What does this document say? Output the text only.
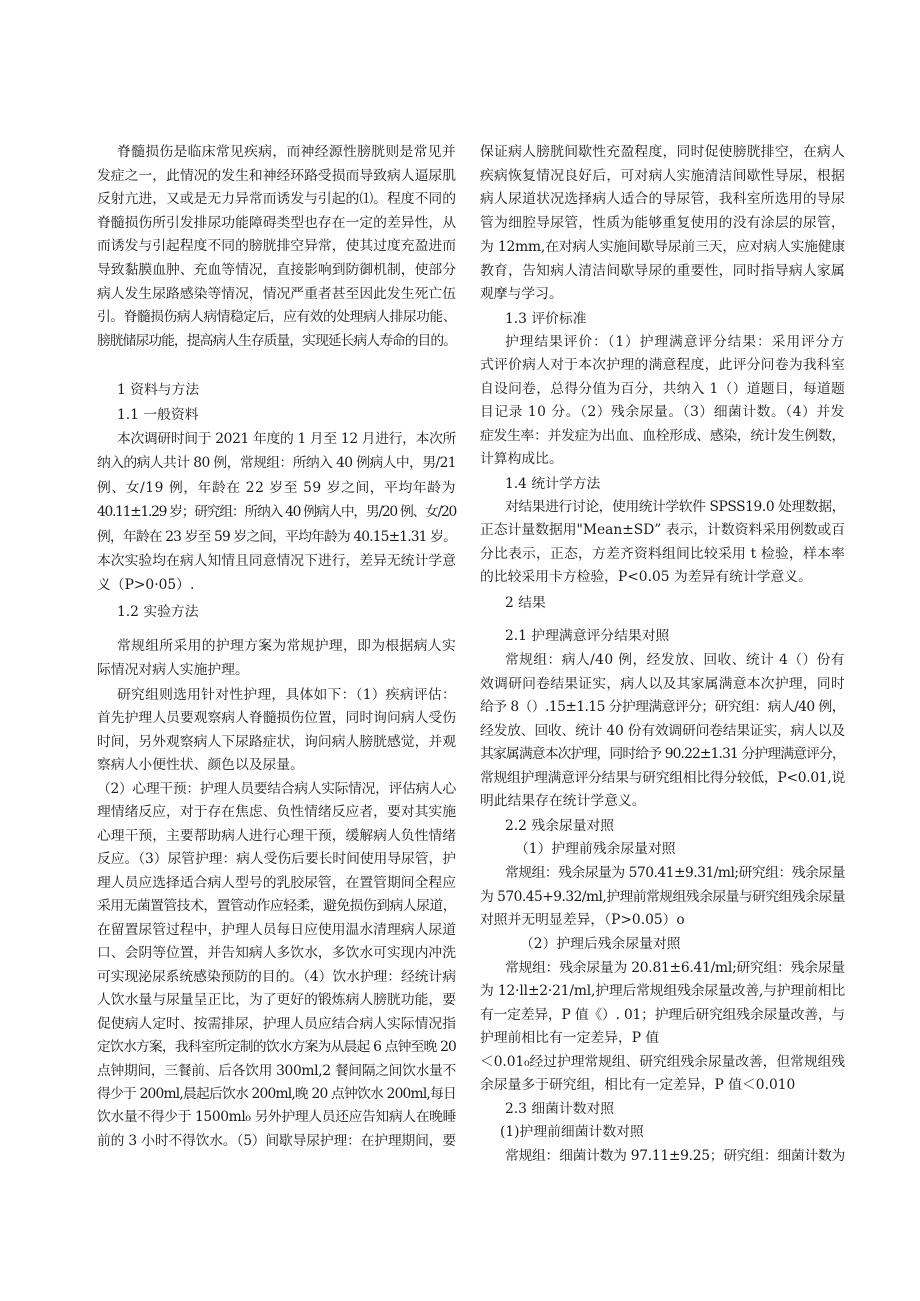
脊髓损伤是临床常见疾病，而神经源性膀胱则是常见并
发症之一，此情况的发生和神经环路受损而导致病人逼尿肌
反射亢进，又或是无力异常而诱发与引起的⑴。程度不同的
脊髓损伤所引发排尿功能障碍类型也存在一定的差异性，从
而诱发与引起程度不同的膀胱排空异常，使其过度充盈进而
导致黏膜血肿、充血等情况，直接影响到防御机制，使部分
病人发生尿路感染等情况，情况严重者甚至因此发生死亡伍
引。脊髓损伤病人病情稳定后，应有效的处理病人排尿功能、
膀胱储尿功能，提高病人生存质量，实现延长病人寿命的目的。
1 资料与方法
1.1 一般资料
本次调研时间于 2021 年度的 1 月至 12 月进行，本次所
纳入的病人共计 80 例，常规组：所纳入 40 例病人中，男/21
例、女/19 例，年龄在 22 岁至 59 岁之间，平均年龄为
40.11±1.29 岁；研究组：所纳入 40 例病人中，男/20 例、女/20
例，年龄在 23 岁至 59 岁之间，平均年龄为 40.15±1.31 岁。
本次实验均在病人知情且同意情况下进行，差异无统计学意
义（P>0·05）.
1.2 实验方法
常规组所采用的护理方案为常规护理，即为根据病人实
际情况对病人实施护理。
研究组则选用针对性护理，具体如下：（1）疾病评估：
首先护理人员要观察病人脊髓损伤位置，同时询问病人受伤
时间，另外观察病人下尿路症状，询问病人膀胱感觉，并观
察病人小便性状、颜色以及尿量。
（2）心理干预：护理人员要结合病人实际情况，评估病人心
理情绪反应，对于存在焦虑、负性情绪反应者，要对其实施
心理干预，主要帮助病人进行心理干预，缓解病人负性情绪
反应。（3）尿管护理：病人受伤后要长时间使用导尿管，护
理人员应选择适合病人型号的乳胶尿管，在置管期间全程应
采用无菌置管技术，置管动作应轻柔，避免损伤到病人尿道，
在留置尿管过程中，护理人员每日应使用温水清理病人尿道
口、会阴等位置，并告知病人多饮水，多饮水可实现内冲洗
可实现泌尿系统感染预防的目的。（4）饮水护理：经统计病
人饮水量与尿量呈正比，为了更好的锻炼病人膀胱功能，要
促使病人定时、按需排尿，护理人员应结合病人实际情况指
定饮水方案，我科室所定制的饮水方案为从晨起 6 点钟至晚 20
点钟期间，三餐前、后各饮用 300ml,2 餐间隔之间饮水量不
得少于 200ml,晨起后饮水 200ml,晚 20 点钟饮水 200ml,每日
饮水量不得少于 1500ml₀ 另外护理人员还应告知病人在晚睡
前的 3 小时不得饮水。（5）间歇导尿护理：在护理期间，要
保证病人膀胱间歇性充盈程度，同时促使膀胱排空，在病人
疾病恢复情况良好后，可对病人实施清洁间歇性导尿，根据
病人尿道状况选择病人适合的导尿管，我科室所选用的导尿
管为细腔导尿管，性质为能够重复使用的没有涂层的尿管，
为 12mm,在对病人实施间歇导尿前三天，应对病人实施健康
教育，告知病人清洁间歇导尿的重要性，同时指导病人家属
观摩与学习。
1.3 评价标准
护理结果评价：（1）护理满意评分结果：采用评分方
式评价病人对于本次护理的满意程度，此评分问卷为我科室
自设问卷，总得分值为百分，共纳入 1（）道题目，每道题
目记录 10 分。（2）残余尿量。（3）细菌计数。（4）并发
症发生率：并发症为出血、血栓形成、感染，统计发生例数，
计算构成比。
1.4 统计学方法
对结果进行讨论，使用统计学软件 SPSS19.0 处理数据，
正态计量数据用"Mean±SD” 表示，计数资料采用例数或百
分比表示，正态，方差齐资料组间比较采用 t 检验，样本率
的比较采用卡方检验，P<0.05 为差异有统计学意义。
2 结果
2.1 护理满意评分结果对照
常规组：病人/40 例，经发放、回收、统计 4（）份有
效调研问卷结果证实，病人以及其家属满意本次护理，同时
给予 8（）.15±1.15 分护理满意评分；研究组：病人/40 例，
经发放、回收、统计 40 份有效调研问卷结果证实，病人以及
其家属满意本次护理，同时给予 90.22±1.31 分护理满意评分，
常规组护理满意评分结果与研究组相比得分较低，P<0.01,说
明此结果存在统计学意义。
2.2 残余尿量对照
（1）护理前残余尿量对照
常规组：残余尿量为 570.41±9.31/ml;研究组：残余尿量
为 570.45+9.32/ml,护理前常规组残余尿量与研究组残余尿量
对照并无明显差异，（P>0.05）o
（2）护理后残余尿量对照
常规组：残余尿量为 20.81±6.41/ml;研究组：残余尿量
为 12·ll±2·21/ml,护理后常规组残余尿量改善,与护理前相比
有一定差异，P 值《）. 01；护理后研究组残余尿量改善，与
护理前相比有一定差异，P 值
＜0.01₀经过护理常规组、研究组残余尿量改善，但常规组残
余尿量多于研究组，相比有一定差异，P 值＜0.010
2.3 细菌计数对照
(1)护理前细菌计数对照
常规组：细菌计数为 97.11±9.25；研究组：细菌计数为
